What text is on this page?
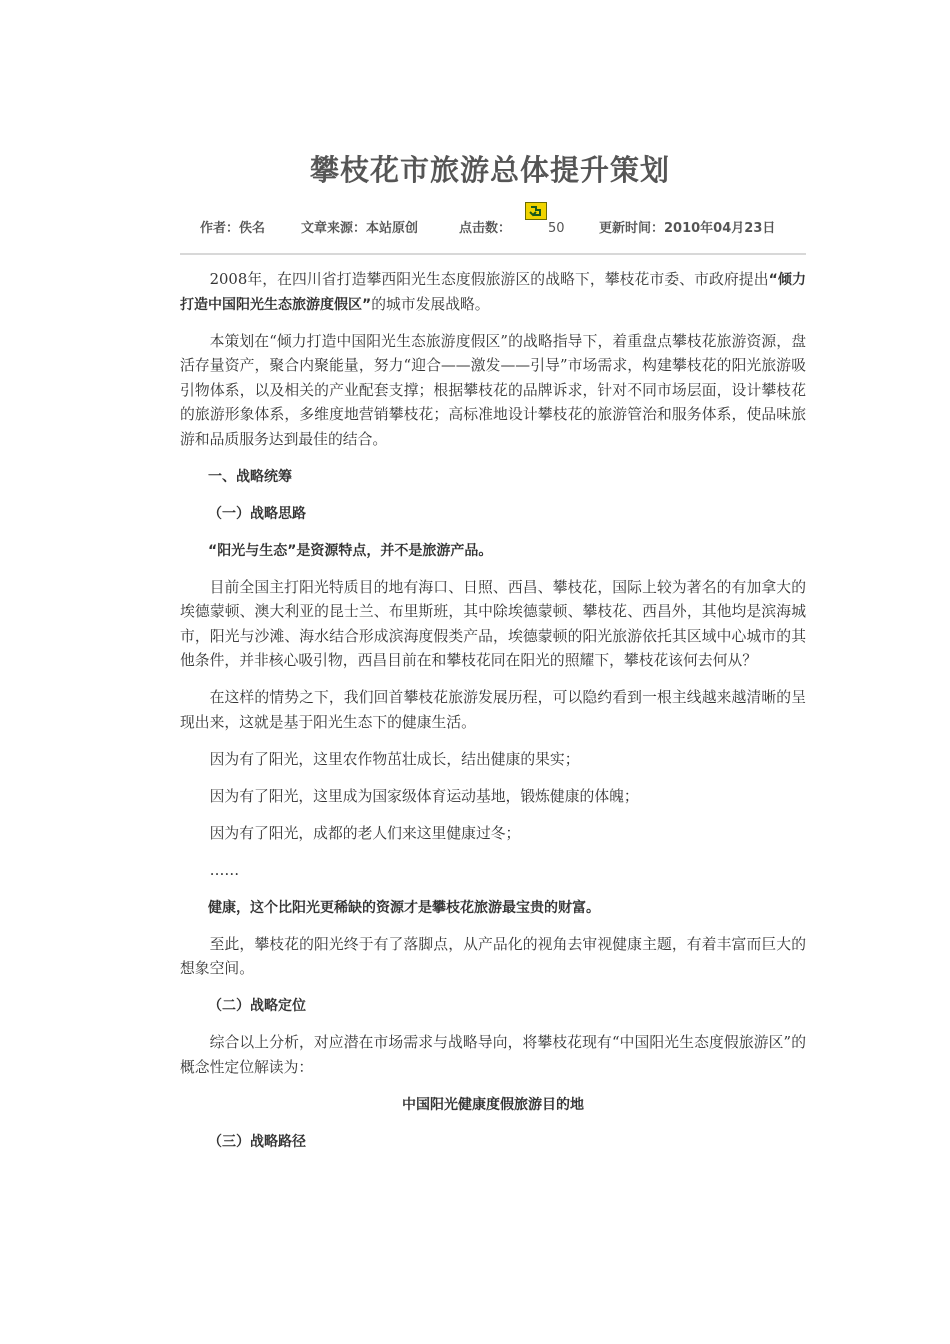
攀枝花市旅游总体提升策划
作者：佚名	文章来源：本站原创	点击数：	50	更新时间：2010年04月23日

2008年，在四川省打造攀西阳光生态度假旅游区的战略下，攀枝花市委、市政府提出“倾力打造中国阳光生态旅游度假区”的城市发展战略。

本策划在“倾力打造中国阳光生态旅游度假区”的战略指导下，着重盘点攀枝花旅游资源，盘活存量资产，聚合内聚能量，努力“迎合——激发——引导”市场需求，构建攀枝花的阳光旅游吸引物体系，以及相关的产业配套支撑；根据攀枝花的品牌诉求，针对不同市场层面，设计攀枝花的旅游形象体系，多维度地营销攀枝花；高标准地设计攀枝花的旅游管治和服务体系，使品味旅游和品质服务达到最佳的结合。

一、战略统筹

（一）战略思路

“阳光与生态”是资源特点，并不是旅游产品。

目前全国主打阳光特质目的地有海口、日照、西昌、攀枝花，国际上较为著名的有加拿大的埃德蒙顿、澳大利亚的昆士兰、布里斯班，其中除埃德蒙顿、攀枝花、西昌外，其他均是滨海城市，阳光与沙滩、海水结合形成滨海度假类产品，埃德蒙顿的阳光旅游依托其区域中心城市的其他条件，并非核心吸引物，西昌目前在和攀枝花同在阳光的照耀下，攀枝花该何去何从？

在这样的情势之下，我们回首攀枝花旅游发展历程，可以隐约看到一根主线越来越清晰的呈现出来，这就是基于阳光生态下的健康生活。

因为有了阳光，这里农作物茁壮成长，结出健康的果实；

因为有了阳光，这里成为国家级体育运动基地，锻炼健康的体魄；

因为有了阳光，成都的老人们来这里健康过冬；

……

健康，这个比阳光更稀缺的资源才是攀枝花旅游最宝贵的财富。

至此，攀枝花的阳光终于有了落脚点，从产品化的视角去审视健康主题，有着丰富而巨大的想象空间。

（二）战略定位

综合以上分析，对应潜在市场需求与战略导向，将攀枝花现有“中国阳光生态度假旅游区”的概念性定位解读为：

中国阳光健康度假旅游目的地

（三）战略路径
